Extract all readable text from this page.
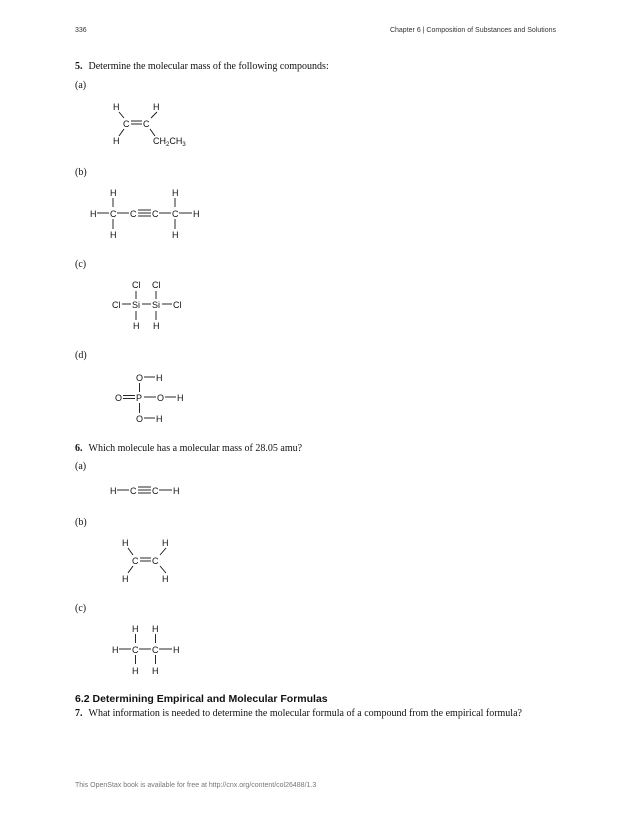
336	Chapter 6 | Composition of Substances and Solutions
5. Determine the molecular mass of the following compounds:
(a)
H	H
C C
H	$CH_2CH_3$
(b)
H	H
H C C C C H
H	H
(c)
Cl Cl
Cl Si Si Cl
H H
(d)
O H
O P O H
O H
6. Which molecule has a molecular mass of 28.05 amu?
(a)
H C C H
(b)
H	H
C C
H	H
(c)
H H
H C C H
H H
6.2 Determining Empirical and Molecular Formulas
7. What information is needed to determine the molecular formula of a compound from the empirical formula?
This OpenStax book is available for free at http://cnx.org/content/col26488/1.3
